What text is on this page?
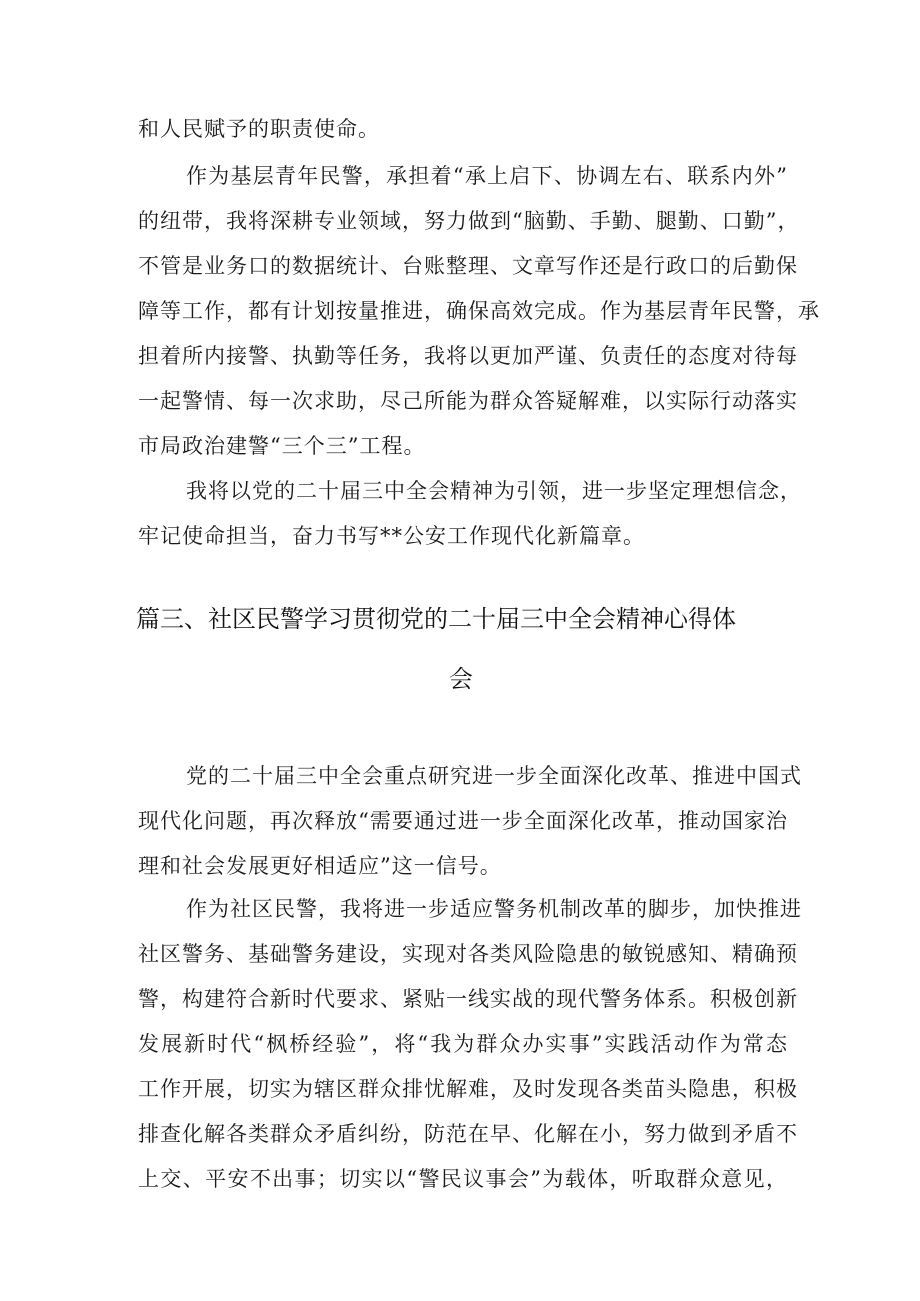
和人民赋予的职责使命。
作为基层青年民警，承担着“承上启下、协调左右、联系内外”
的纽带，我将深耕专业领域，努力做到“脑勤、手勤、腿勤、口勤”，
不管是业务口的数据统计、台账整理、文章写作还是行政口的后勤保
障等工作，都有计划按量推进，确保高效完成。作为基层青年民警，承
担着所内接警、执勤等任务，我将以更加严谨、负责任的态度对待每
一起警情、每一次求助，尽己所能为群众答疑解难，以实际行动落实
市局政治建警“三个三”工程。
我将以党的二十届三中全会精神为引领，进一步坚定理想信念，
牢记使命担当，奋力书写**公安工作现代化新篇章。
篇三、社区民警学习贯彻党的二十届三中全会精神心得体
会
党的二十届三中全会重点研究进一步全面深化改革、推进中国式
现代化问题，再次释放“需要通过进一步全面深化改革，推动国家治
理和社会发展更好相适应”这一信号。
作为社区民警，我将进一步适应警务机制改革的脚步，加快推进
社区警务、基础警务建设，实现对各类风险隐患的敏锐感知、精确预
警，构建符合新时代要求、紧贴一线实战的现代警务体系。积极创新
发展新时代“枫桥经验”，将“我为群众办实事”实践活动作为常态
工作开展，切实为辖区群众排忧解难，及时发现各类苗头隐患，积极
排查化解各类群众矛盾纠纷，防范在早、化解在小，努力做到矛盾不
上交、平安不出事；切实以“警民议事会”为载体，听取群众意见，
